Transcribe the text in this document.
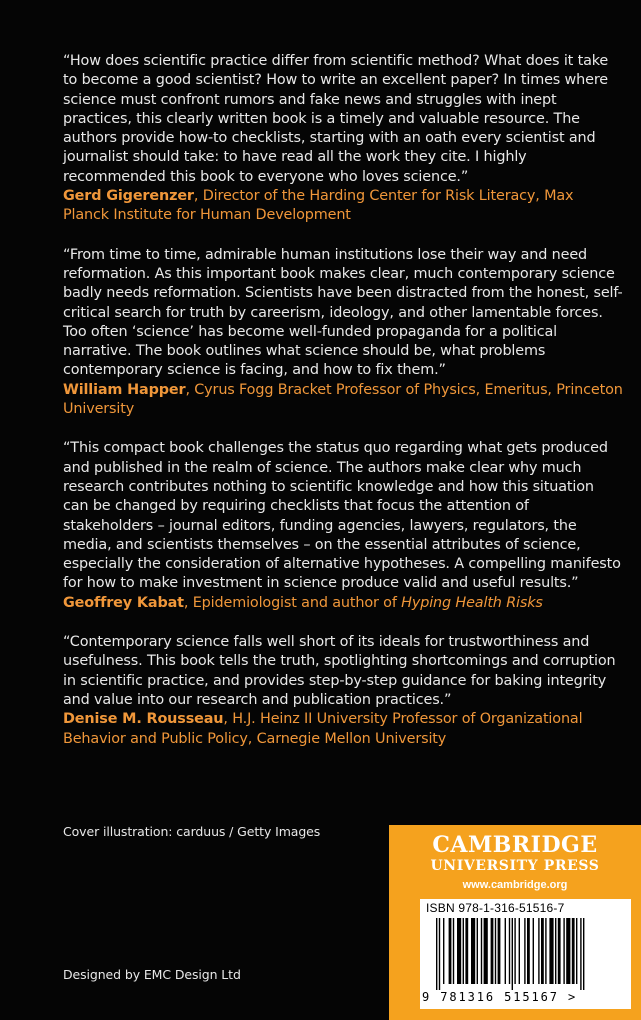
“How does scientific practice differ from scientific method? What does it take to become a good scientist? How to write an excellent paper? In times where science must confront rumors and fake news and struggles with inept practices, this clearly written book is a timely and valuable resource. The authors provide how-to checklists, starting with an oath every scientist and journalist should take: to have read all the work they cite. I highly recommended this book to everyone who loves science.”

Gerd Gigerenzer, Director of the Harding Center for Risk Literacy, Max Planck Institute for Human Development

“From time to time, admirable human institutions lose their way and need reformation. As this important book makes clear, much contemporary science badly needs reformation. Scientists have been distracted from the honest, self-critical search for truth by careerism, ideology, and other lamentable forces. Too often ‘science’ has become well-funded propaganda for a political narrative. The book outlines what science should be, what problems contemporary science is facing, and how to fix them.”

William Happer, Cyrus Fogg Bracket Professor of Physics, Emeritus, Princeton University

“This compact book challenges the status quo regarding what gets produced and published in the realm of science. The authors make clear why much research contributes nothing to scientific knowledge and how this situation can be changed by requiring checklists that focus the attention of stakeholders – journal editors, funding agencies, lawyers, regulators, the media, and scientists themselves – on the essential attributes of science, especially the consideration of alternative hypotheses. A compelling manifesto for how to make investment in science produce valid and useful results.”

Geoffrey Kabat, Epidemiologist and author of Hyping Health Risks

“Contemporary science falls well short of its ideals for trustworthiness and usefulness. This book tells the truth, spotlighting shortcomings and corruption in scientific practice, and provides step-by-step guidance for baking integrity and value into our research and publication practices.”

Denise M. Rousseau, H.J. Heinz II University Professor of Organizational Behavior and Public Policy, Carnegie Mellon University

Cover illustration: carduus / Getty Images
Designed by EMC Design Ltd
CAMBRIDGE
UNIVERSITY PRESS
www.cambridge.org
ISBN 978-1-316-51516-7
9 781316 515167 >
